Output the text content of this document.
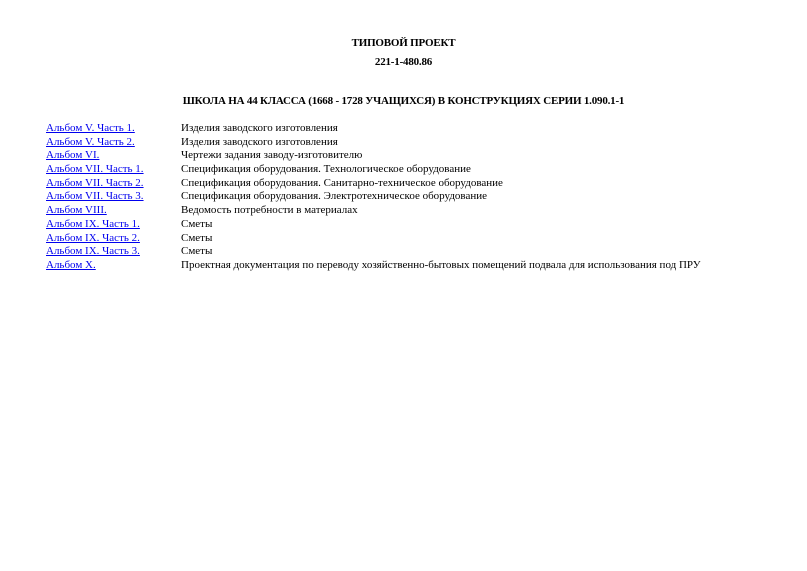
ТИПОВОЙ ПРОЕКТ
221-1-480.86
ШКОЛА НА 44 КЛАССА (1668 - 1728 УЧАЩИХСЯ) В КОНСТРУКЦИЯХ СЕРИИ 1.090.1-1
Альбом V. Часть 1.	Изделия заводского изготовления
Альбом V. Часть 2.	Изделия заводского изготовления
Альбом VI.	Чертежи задания заводу-изготовителю
Альбом VII. Часть 1.	Спецификация оборудования. Технологическое оборудование
Альбом VII. Часть 2.	Спецификация оборудования. Санитарно-техническое оборудование
Альбом VII. Часть 3.	Спецификация оборудования. Электротехническое оборудование
Альбом VIII.	Ведомость потребности в материалах
Альбом IX. Часть 1.	Сметы
Альбом IX. Часть 2.	Сметы
Альбом IX. Часть 3.	Сметы
Альбом X.	Проектная документация по переводу хозяйственно-бытовых помещений подвала для использования под ПРУ
